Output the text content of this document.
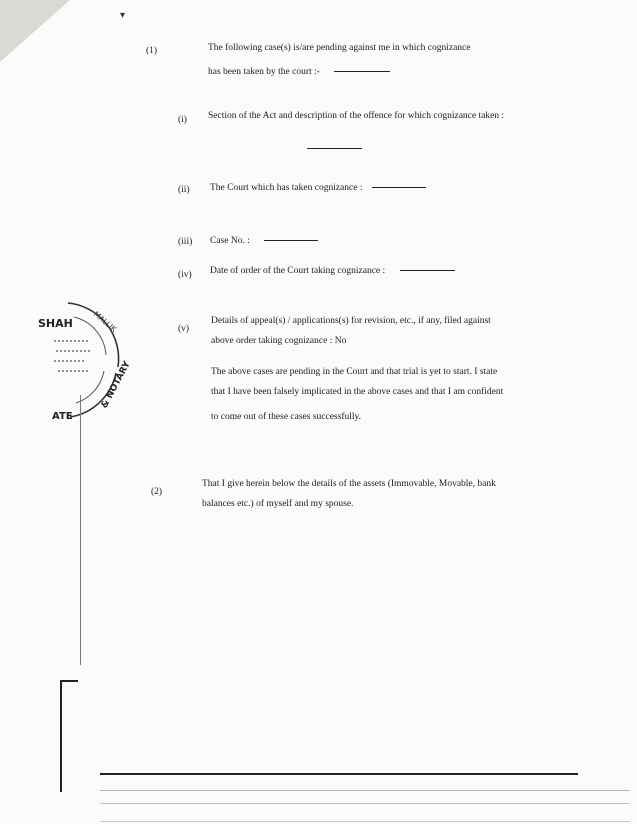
▾
(1)	The following case(s) is/are pending against me in which cognizance
has been taken by the court :-
(i) Section of the Act and description of the offence for which cognizance taken :
(ii) The Court which has taken cognizance :
(iii) Case No. :
(iv) Date of order of the Court taking cognizance :
(v)
Details of appeal(s) / applications(s) for revision, etc., if any, filed against
above order taking cognizance : No
The above cases are pending in the Court and that trial is yet to start. I state
that I have been falsely implicated in the above cases and that I am confident
to come out of these cases successfully.
(2)
That I give herein below the details of the assets (Immovable, Movable, bank
balances etc.) of myself and my spouse.
SHAH	MALLIK
& NOTARY
ATE
